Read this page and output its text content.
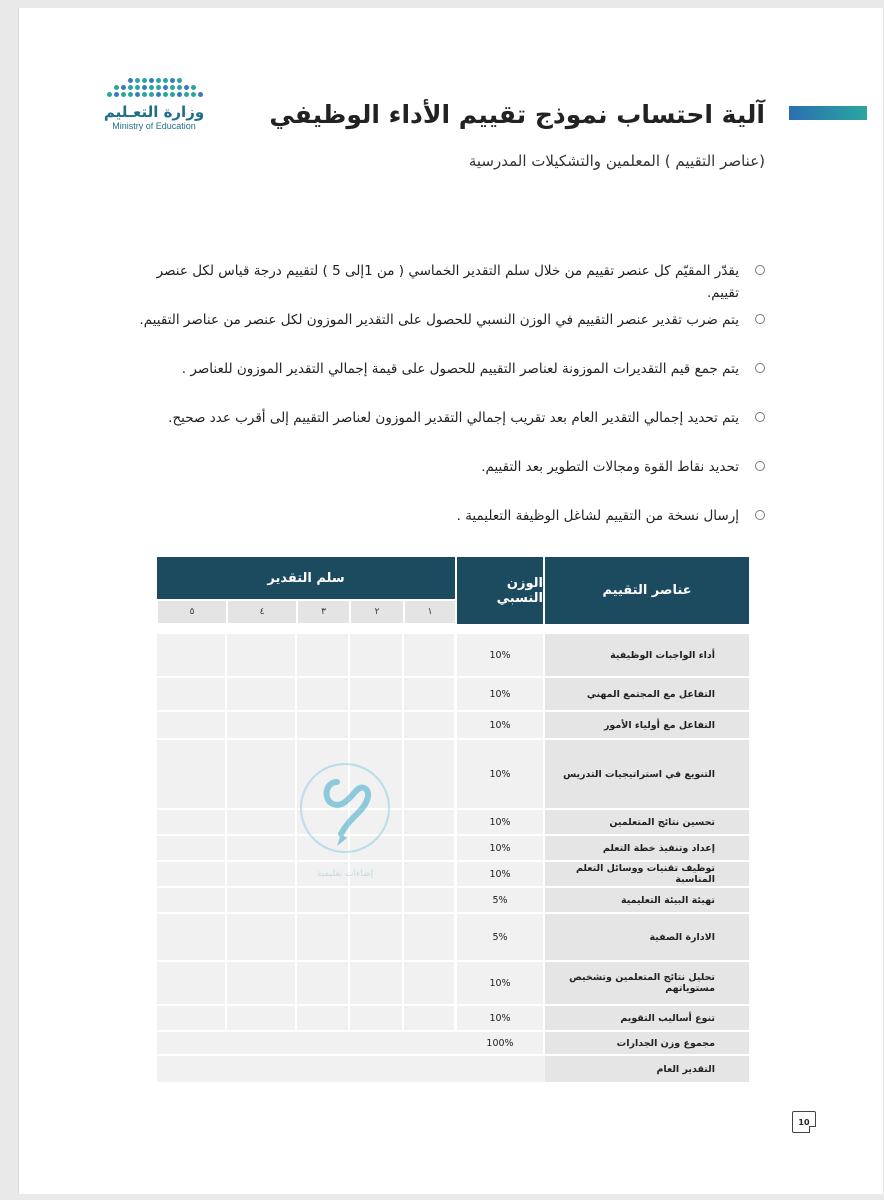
وزارة التعـليم
Ministry of Education	آلية احتساب نموذج تقييم الأداء الوظيفي
(عناصر التقييم ) المعلمين والتشكيلات المدرسية
يقدّر المقيّم كل عنصر تقييم من خلال سلم التقدير الخماسي ( من 1إلى 5 ) لتقييم درجة قياس لكل عنصر تقييم.
يتم ضرب تقدير عنصر التقييم في الوزن النسبي للحصول على التقدير الموزون لكل عنصر من عناصر التقييم.
يتم جمع قيم التقديرات الموزونة لعناصر التقييم للحصول على قيمة إجمالي التقدير الموزون للعناصر .
يتم تحديد إجمالي التقدير العام بعد تقريب إجمالي التقدير الموزون لعناصر التقييم إلى أقرب عدد صحيح.
تحديد نقاط القوة ومجالات التطوير بعد التقييم.
إرسال نسخة من التقييم لشاغل الوظيفة التعليمية .
عناصر التقييم
الوزن النسبي
سلم التقدير
١
٢
٣
٤
٥
أداء الواجبات الوظيفية
10%
التفاعل مع المجتمع المهني
10%
التفاعل مع أولياء الأمور
10%
التنويع في استراتيجيات التدريس
10%
تحسين نتائج المتعلمين
10%
إعداد وتنفيذ خطة التعلم
10%
توظيف تقنيات ووسائل التعلم المناسبة
10%
تهيئة البيئة التعليمية
5%
الادارة الصفية
5%
تحليل نتائج المتعلمين وتشخيص مستوياتهم
10%
تنوع أساليب التقويم
10%
مجموع وزن الجدارات
100%
التقدير العام
إضاءات تعليمية
10
